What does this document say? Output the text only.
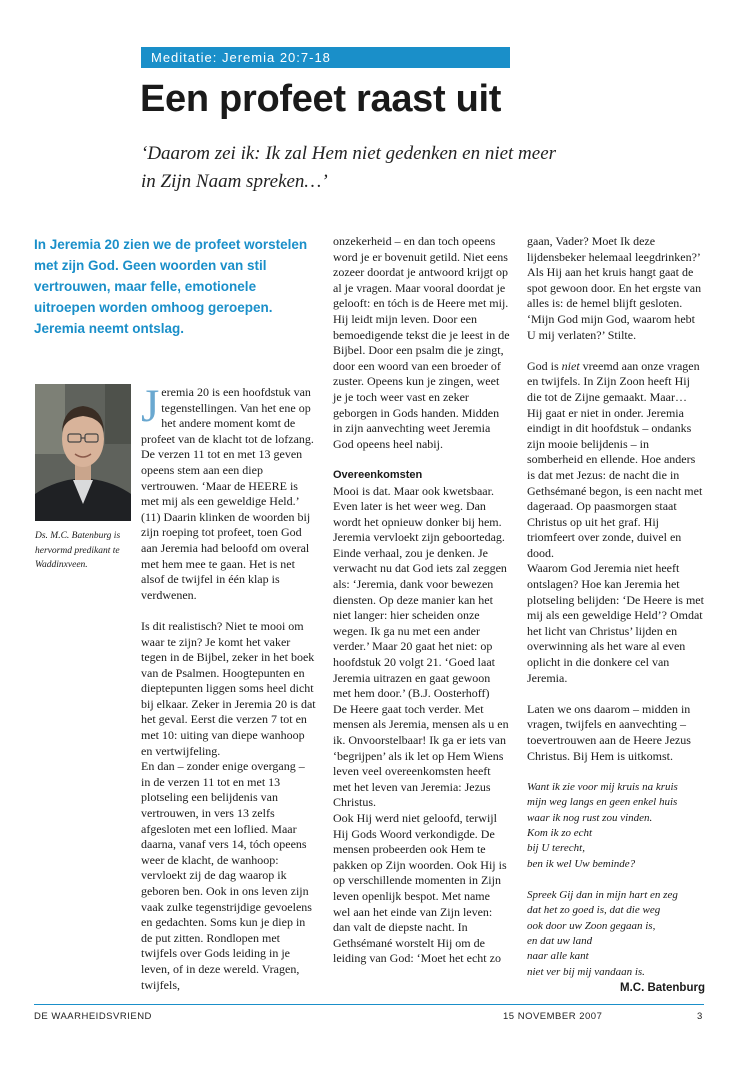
Meditatie: Jeremia 20:7-18
Een profeet raast uit
‘Daarom zei ik: Ik zal Hem niet gedenken en niet meer
in Zijn Naam spreken…’
In Jeremia 20 zien we de profeet worstelen met zijn God. Geen woorden van stil vertrouwen, maar felle, emotionele uitroepen worden omhoog geroepen. Jeremia neemt ontslag.
Ds. M.C. Batenburg is hervormd predikant te Waddinxveen.
J eremia 20 is een hoofdstuk van tegenstellingen. Van het ene op het andere moment komt de profeet van de klacht tot de lofzang. De verzen 11 tot en met 13 geven opeens stem aan een diep vertrouwen. ‘Maar de HEERE is met mij als een geweldige Held.’ (11) Daarin klinken de woorden bij zijn roeping tot profeet, toen God aan Jeremia had beloofd om overal met hem mee te gaan. Het is net alsof de twijfel in één klap is verdwenen.

Is dit realistisch? Niet te mooi om waar te zijn? Je komt het vaker tegen in de Bijbel, zeker in het boek van de Psalmen. Hoogtepunten en dieptepunten liggen soms heel dicht bij elkaar. Zeker in Jeremia 20 is dat het geval. Eerst die verzen 7 tot en met 10: uiting van diepe wanhoop en vertwijfeling.

En dan – zonder enige overgang – in de verzen 11 tot en met 13 plotseling een belijdenis van vertrouwen, in vers 13 zelfs afgesloten met een loflied. Maar daarna, vanaf vers 14, tóch opeens weer de klacht, de wanhoop: vervloekt zij de dag waarop ik geboren ben. Ook in ons leven zijn vaak zulke tegenstrijdige gevoelens en gedachten. Soms kun je diep in de put zitten. Rondlopen met twijfels over Gods leiding in je leven, of in deze wereld. Vragen, twijfels,

onzekerheid – en dan toch opeens word je er bovenuit getild. Niet eens zozeer doordat je antwoord krijgt op al je vragen. Maar vooral doordat je gelooft: en tóch is de Heere met mij. Hij leidt mijn leven. Door een bemoedigende tekst die je leest in de Bijbel. Door een psalm die je zingt, door een woord van een broeder of zuster. Opeens kun je zingen, weet je je toch weer vast en zeker geborgen in Gods handen. Midden in zijn aanvechting weet Jeremia God opeens heel nabij.

Overeenkomsten

Mooi is dat. Maar ook kwetsbaar. Even later is het weer weg. Dan wordt het opnieuw donker bij hem. Jeremia vervloekt zijn geboortedag. Einde verhaal, zou je denken. Je verwacht nu dat God iets zal zeggen als: ‘Jeremia, dank voor bewezen diensten. Op deze manier kan het niet langer: hier scheiden onze wegen. Ik ga nu met een ander verder.’ Maar 20 gaat het niet: op hoofdstuk 20 volgt 21. ‘Goed laat Jeremia uitrazen en gaat gewoon met hem door.’ (B.J. Oosterhoff)

De Heere gaat toch verder. Met mensen als Jeremia, mensen als u en ik. Onvoorstelbaar! Ik ga er iets van ‘begrijpen’ als ik let op Hem Wiens leven veel overeenkomsten heeft met het leven van Jeremia: Jezus Christus.

Ook Hij werd niet geloofd, terwijl Hij Gods Woord verkondigde. De mensen probeerden ook Hem te pakken op Zijn woorden. Ook Hij is op verschillende momenten in Zijn leven openlijk bespot. Met name wel aan het einde van Zijn leven: dan valt de diepste nacht. In Gethsémané worstelt Hij om de leiding van God: ‘Moet het echt zo

gaan, Vader? Moet Ik deze lijdensbeker helemaal leegdrinken?’

Als Hij aan het kruis hangt gaat de spot gewoon door. En het ergste van alles is: de hemel blijft gesloten. ‘Mijn God mijn God, waarom hebt U mij verlaten?’ Stilte.

God is niet vreemd aan onze vragen en twijfels. In Zijn Zoon heeft Hij die tot de Zijne gemaakt. Maar… Hij gaat er niet in onder. Jeremia eindigt in dit hoofdstuk – ondanks zijn mooie belijdenis – in somberheid en ellende. Hoe anders is dat met Jezus: de nacht die in Gethsémané begon, is een nacht met dageraad. Op paasmorgen staat Christus op uit het graf. Hij triomfeert over zonde, duivel en dood.

Waarom God Jeremia niet heeft ontslagen? Hoe kan Jeremia het plotseling belijden: ‘De Heere is met mij als een geweldige Held’? Omdat het licht van Christus’ lijden en overwinning als het ware al even oplicht in die donkere cel van Jeremia.

Laten we ons daarom – midden in vragen, twijfels en aanvechting – toevertrouwen aan de Heere Jezus Christus. Bij Hem is uitkomst.

Want ik zie voor mij kruis na kruis
mijn weg langs en geen enkel huis
waar ik nog rust zou vinden.
Kom ik zo echt
bij U terecht,
ben ik wel Uw beminde?
Spreek Gij dan in mijn hart en zeg
dat het zo goed is, dat die weg
ook door uw Zoon gegaan is,
en dat uw land
naar alle kant
niet ver bij mij vandaan is.
M.C. Batenburg
DE WAARHEIDSVRIEND	15 NOVEMBER 2007	3
